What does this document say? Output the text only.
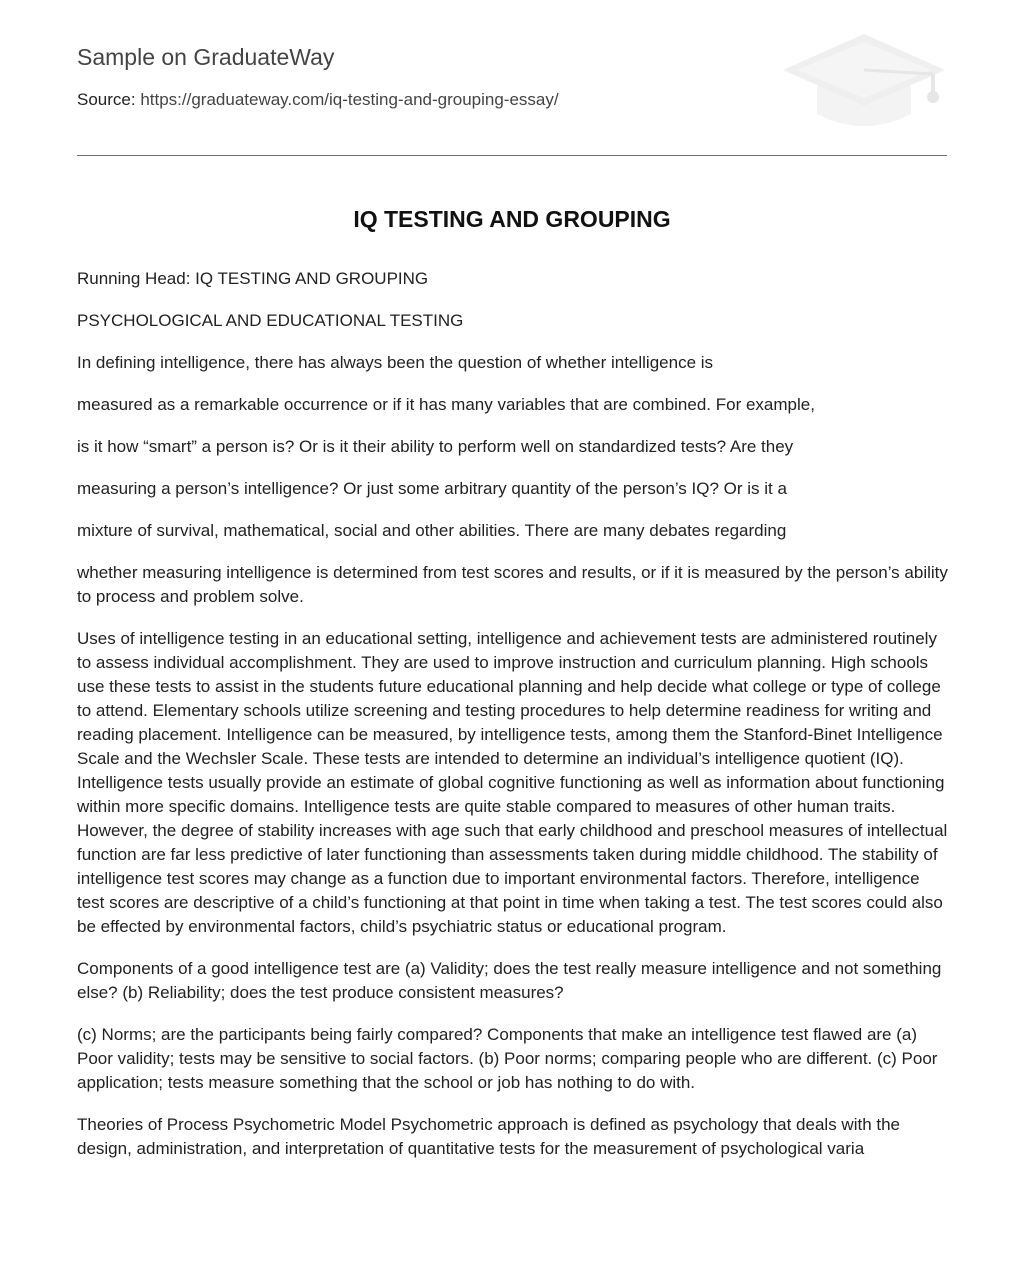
Sample on GraduateWay
Source: https://graduateway.com/iq-testing-and-grouping-essay/
IQ TESTING AND GROUPING

Running Head: IQ TESTING AND GROUPING

PSYCHOLOGICAL AND EDUCATIONAL TESTING

In defining intelligence, there has always been the question of whether intelligence is

measured as a remarkable occurrence or if it has many variables that are combined. For example,

is it how “smart” a person is? Or is it their ability to perform well on standardized tests? Are they

measuring a person’s intelligence? Or just some arbitrary quantity of the person’s IQ? Or is it a

mixture of survival, mathematical, social and other abilities. There are many debates regarding

whether measuring intelligence is determined from test scores and results, or if it is measured by the person’s ability to process and problem solve.

Uses of intelligence testing in an educational setting, intelligence and achievement tests are administered routinely to assess individual accomplishment. They are used to improve instruction and curriculum planning. High schools use these tests to assist in the students future educational planning and help decide what college or type of college to attend. Elementary schools utilize screening and testing procedures to help determine readiness for writing and reading placement. Intelligence can be measured, by intelligence tests, among them the Stanford-Binet Intelligence Scale and the Wechsler Scale. These tests are intended to determine an individual’s intelligence quotient (IQ). Intelligence tests usually provide an estimate of global cognitive functioning as well as information about functioning within more specific domains. Intelligence tests are quite stable compared to measures of other human traits. However, the degree of stability increases with age such that early childhood and preschool measures of intellectual function are far less predictive of later functioning than assessments taken during middle childhood. The stability of intelligence test scores may change as a function due to important environmental factors. Therefore, intelligence test scores are descriptive of a child’s functioning at that point in time when taking a test. The test scores could also be effected by environmental factors, child’s psychiatric status or educational program.

Components of a good intelligence test are (a) Validity; does the test really measure intelligence and not something else? (b) Reliability; does the test produce consistent measures?

(c) Norms; are the participants being fairly compared? Components that make an intelligence test flawed are (a) Poor validity; tests may be sensitive to social factors. (b) Poor norms; comparing people who are different. (c) Poor application; tests measure something that the school or job has nothing to do with.

Theories of Process Psychometric Model Psychometric approach is defined as psychology that deals with the design, administration, and interpretation of quantitative tests for the measurement of psychological varia
